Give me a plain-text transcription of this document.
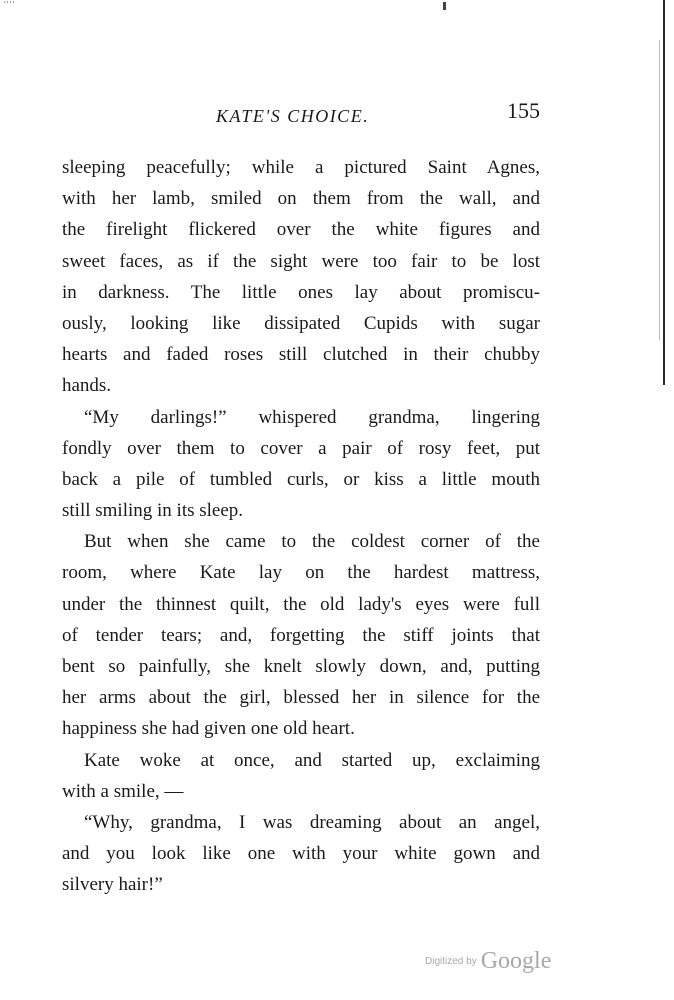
''''
KATE'S CHOICE.	155
sleeping peacefully; while a pictured Saint Agnes,
with her lamb, smiled on them from the wall, and
the firelight flickered over the white figures and
sweet faces, as if the sight were too fair to be lost
in darkness. The little ones lay about promiscu-
ously, looking like dissipated Cupids with sugar
hearts and faded roses still clutched in their chubby
hands.
“My darlings!” whispered grandma, lingering
fondly over them to cover a pair of rosy feet, put
back a pile of tumbled curls, or kiss a little mouth
still smiling in its sleep.
But when she came to the coldest corner of the
room, where Kate lay on the hardest mattress,
under the thinnest quilt, the old lady's eyes were full
of tender tears; and, forgetting the stiff joints that
bent so painfully, she knelt slowly down, and, putting
her arms about the girl, blessed her in silence for the
happiness she had given one old heart.
Kate woke at once, and started up, exclaiming
with a smile, —
“Why, grandma, I was dreaming about an angel,
and you look like one with your white gown and
silvery hair!”
Digitized by Google
